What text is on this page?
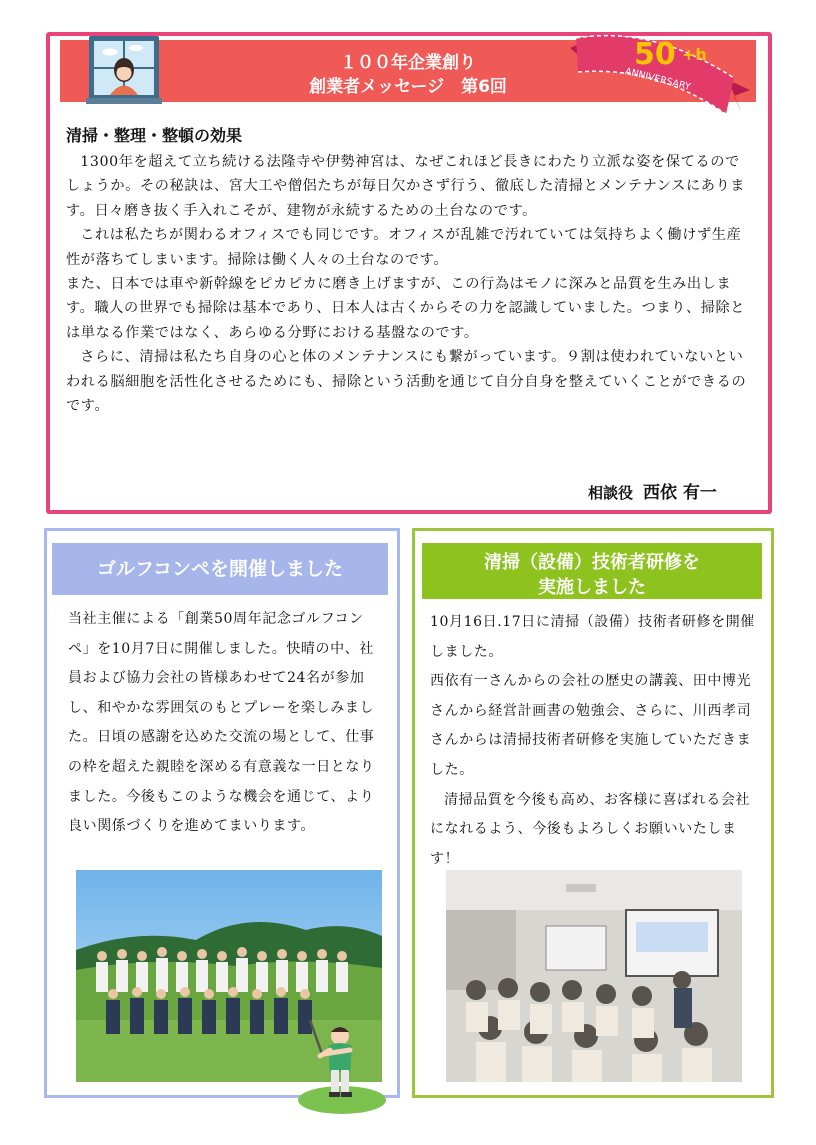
１００年企業創り
創業者メッセージ　第6回
50 +h
ANNIVERSARY
清掃・整理・整頓の効果

1300年を超えて立ち続ける法隆寺や伊勢神宮は、なぜこれほど長きにわたり立派な姿を保てるのでしょうか。その秘訣は、宮大工や僧侶たちが毎日欠かさず行う、徹底した清掃とメンテナンスにあります。日々磨き抜く手入れこそが、建物が永続するための土台なのです。

これは私たちが関わるオフィスでも同じです。オフィスが乱雑で汚れていては気持ちよく働けず生産性が落ちてしまいます。掃除は働く人々の土台なのです。

また、日本では車や新幹線をピカピカに磨き上げますが、この行為はモノに深みと品質を生み出します。職人の世界でも掃除は基本であり、日本人は古くからその力を認識していました。つまり、掃除とは単なる作業ではなく、あらゆる分野における基盤なのです。

さらに、清掃は私たち自身の心と体のメンテナンスにも繋がっています。９割は使われていないといわれる脳細胞を活性化させるためにも、掃除という活動を通じて自分自身を整えていくことができるのです。

相談役 西依 有一
ゴルフコンペを開催しました
当社主催による「創業50周年記念ゴルフコンペ」を10月7日に開催しました。快晴の中、社員および協力会社の皆様あわせて24名が参加し、和やかな雰囲気のもとプレーを楽しみました。日頃の感謝を込めた交流の場として、仕事の枠を超えた親睦を深める有意義な一日となりました。今後もこのような機会を通じて、より良い関係づくりを進めてまいります。
清掃（設備）技術者研修を
実施しました

10月16日.17日に清掃（設備）技術者研修を開催しました。

西依有一さんからの会社の歴史の講義、田中博光さんから経営計画書の勉強会、さらに、川西孝司さんからは清掃技術者研修を実施していただきました。

清掃品質を今後も高め、お客様に喜ばれる会社になれるよう、今後もよろしくお願いいたします！
